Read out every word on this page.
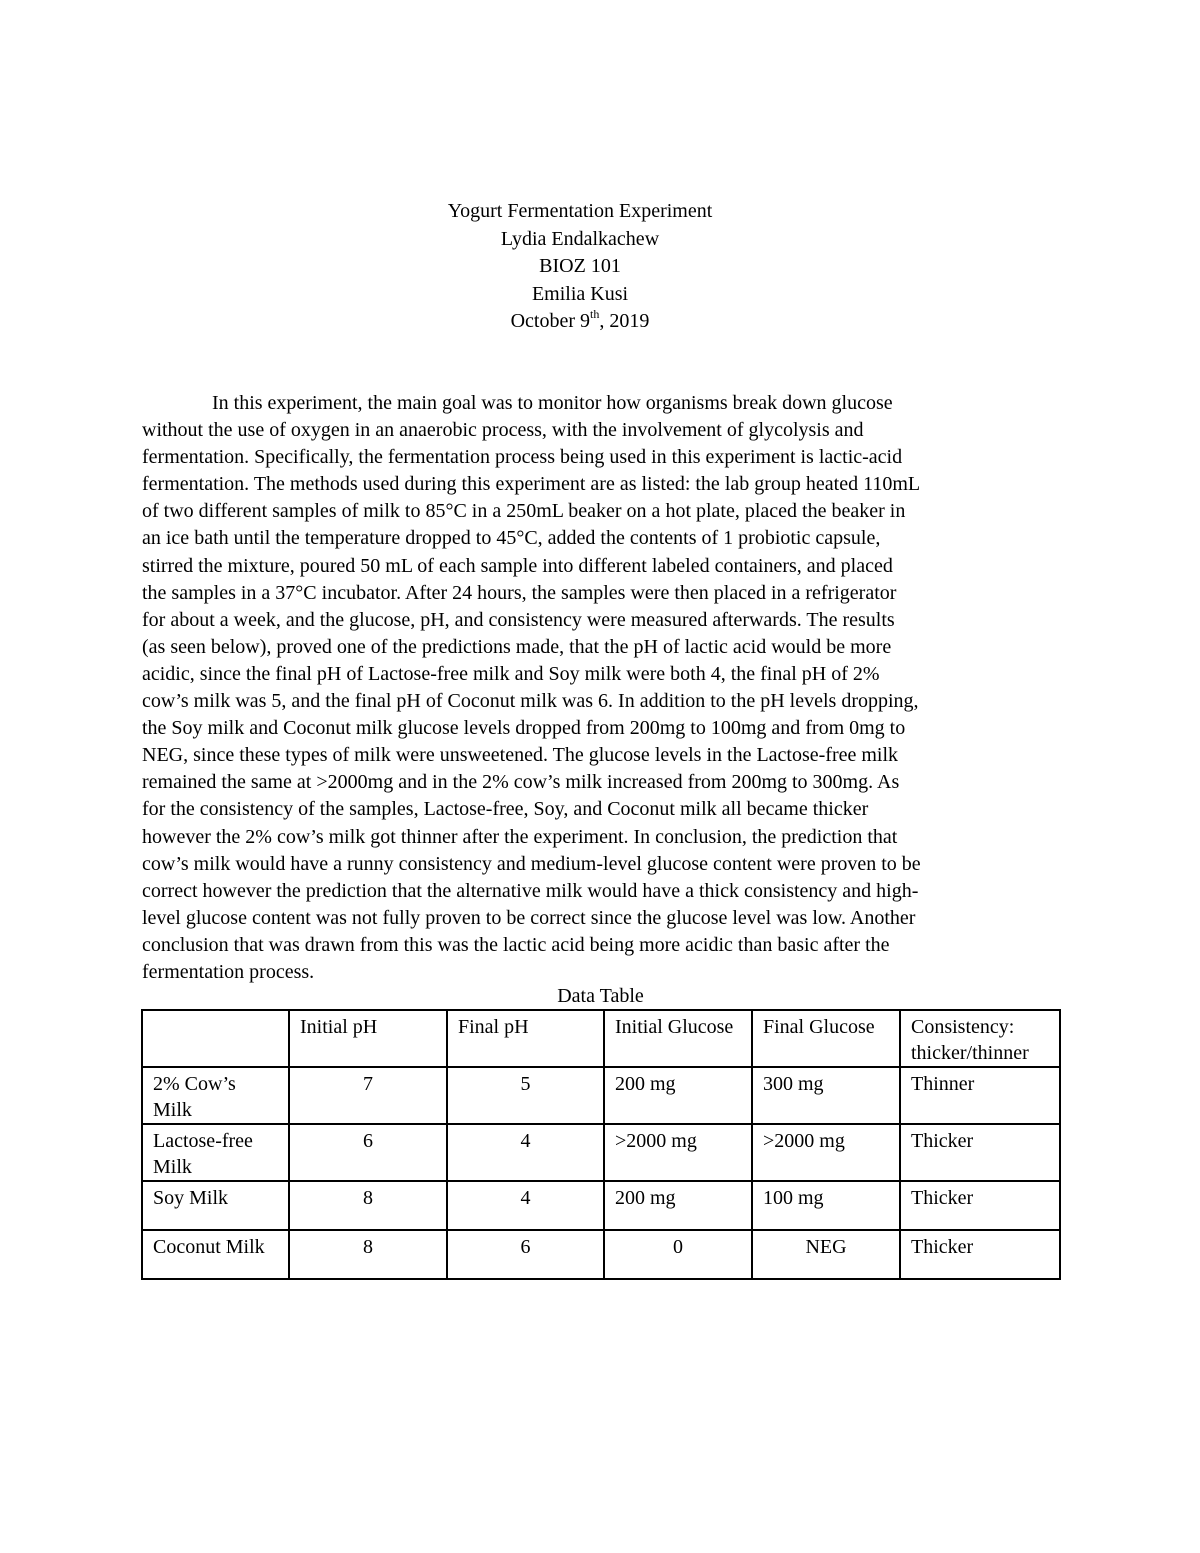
Yogurt Fermentation Experiment
Lydia Endalkachew
BIOZ 101
Emilia Kusi
October 9th, 2019
In this experiment, the main goal was to monitor how organisms break down glucose
without the use of oxygen in an anaerobic process, with the involvement of glycolysis and
fermentation. Specifically, the fermentation process being used in this experiment is lactic-acid
fermentation. The methods used during this experiment are as listed: the lab group heated 110mL
of two different samples of milk to 85°C in a 250mL beaker on a hot plate, placed the beaker in
an ice bath until the temperature dropped to 45°C, added the contents of 1 probiotic capsule,
stirred the mixture, poured 50 mL of each sample into different labeled containers, and placed
the samples in a 37°C incubator. After 24 hours, the samples were then placed in a refrigerator
for about a week, and the glucose, pH, and consistency were measured afterwards. The results
(as seen below), proved one of the predictions made, that the pH of lactic acid would be more
acidic, since the final pH of Lactose-free milk and Soy milk were both 4, the final pH of 2%
cow’s milk was 5, and the final pH of Coconut milk was 6. In addition to the pH levels dropping,
the Soy milk and Coconut milk glucose levels dropped from 200mg to 100mg and from 0mg to
NEG, since these types of milk were unsweetened. The glucose levels in the Lactose-free milk
remained the same at >2000mg and in the 2% cow’s milk increased from 200mg to 300mg. As
for the consistency of the samples, Lactose-free, Soy, and Coconut milk all became thicker
however the 2% cow’s milk got thinner after the experiment. In conclusion, the prediction that
cow’s milk would have a runny consistency and medium-level glucose content were proven to be
correct however the prediction that the alternative milk would have a thick consistency and high-
level glucose content was not fully proven to be correct since the glucose level was low. Another
conclusion that was drawn from this was the lactic acid being more acidic than basic after the
fermentation process.
Data Table
	Initial pH	Final pH	Initial Glucose	Final Glucose	Consistency: thicker/thinner
2% Cow’s Milk	7	5	200 mg	300 mg	Thinner
Lactose-free Milk	6	4	>2000 mg	>2000 mg	Thicker
Soy Milk	8	4	200 mg	100 mg	Thicker
Coconut Milk	8	6	0	NEG	Thicker
